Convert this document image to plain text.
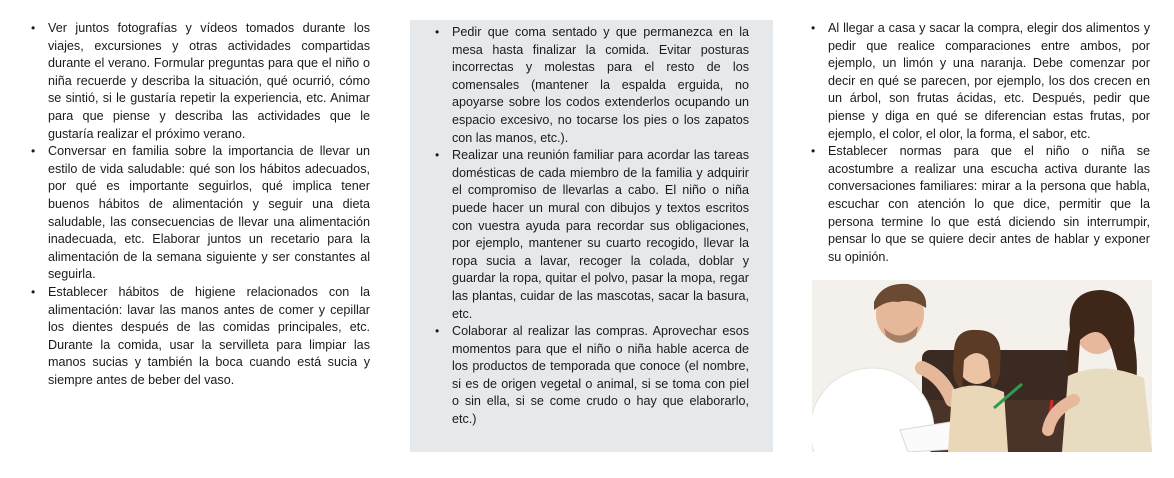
• Ver juntos fotografías y vídeos tomados durante los viajes, excursiones y otras actividades compartidas durante el verano. Formular preguntas para que el niño o niña recuerde y describa la situación, qué ocurrió, cómo se sintió, si le gustaría repetir la experiencia, etc. Animar para que piense y describa las actividades que le gustaría realizar el próximo verano.
• Conversar en familia sobre la importancia de llevar un estilo de vida saludable: qué son los hábitos adecuados, por qué es importante seguirlos, qué implica tener buenos hábitos de alimentación y seguir una dieta saludable, las consecuencias de llevar una alimentación inadecuada, etc. Elaborar juntos un recetario para la alimentación de la semana siguiente y ser constantes al seguirla.
• Establecer hábitos de higiene relacionados con la alimentación: lavar las manos antes de comer y cepillar los dientes después de las comidas principales, etc. Durante la comida, usar la servilleta para limpiar las manos sucias y también la boca cuando está sucia y siempre antes de beber del vaso.
• Pedir que coma sentado y que permanezca en la mesa hasta finalizar la comida. Evitar posturas incorrectas y molestas para el resto de los comensales (mantener la espalda erguida, no apoyarse sobre los codos extenderlos ocupando un espacio excesivo, no tocarse los pies o los zapatos con las manos, etc.).
• Realizar una reunión familiar para acordar las tareas domésticas de cada miembro de la familia y adquirir el compromiso de llevarlas a cabo. El niño o niña puede hacer un mural con dibujos y textos escritos con vuestra ayuda para recordar sus obligaciones, por ejemplo, mantener su cuarto recogido, llevar la ropa sucia a lavar, recoger la colada, doblar y guardar la ropa, quitar el polvo, pasar la mopa, regar las plantas, cuidar de las mascotas, sacar la basura, etc.
• Colaborar al realizar las compras. Aprovechar esos momentos para que el niño o niña hable acerca de los productos de temporada que conoce (el nombre, si es de origen vegetal o animal, si se toma con piel o sin ella, si se come crudo o hay que elaborarlo, etc.)
• Al llegar a casa y sacar la compra, elegir dos alimentos y pedir que realice comparaciones entre ambos, por ejemplo, un limón y una naranja. Debe comenzar por decir en qué se parecen, por ejemplo, los dos crecen en un árbol, son frutas ácidas, etc. Después, pedir que piense y diga en qué se diferencian estas frutas, por ejemplo, el color, el olor, la forma, el sabor, etc.
• Establecer normas para que el niño o niña se acostumbre a realizar una escucha activa durante las conversaciones familiares: mirar a la persona que habla, escuchar con atención lo que dice, permitir que la persona termine lo que está diciendo sin interrumpir, pensar lo que se quiere decir antes de hablar y exponer su opinión.
